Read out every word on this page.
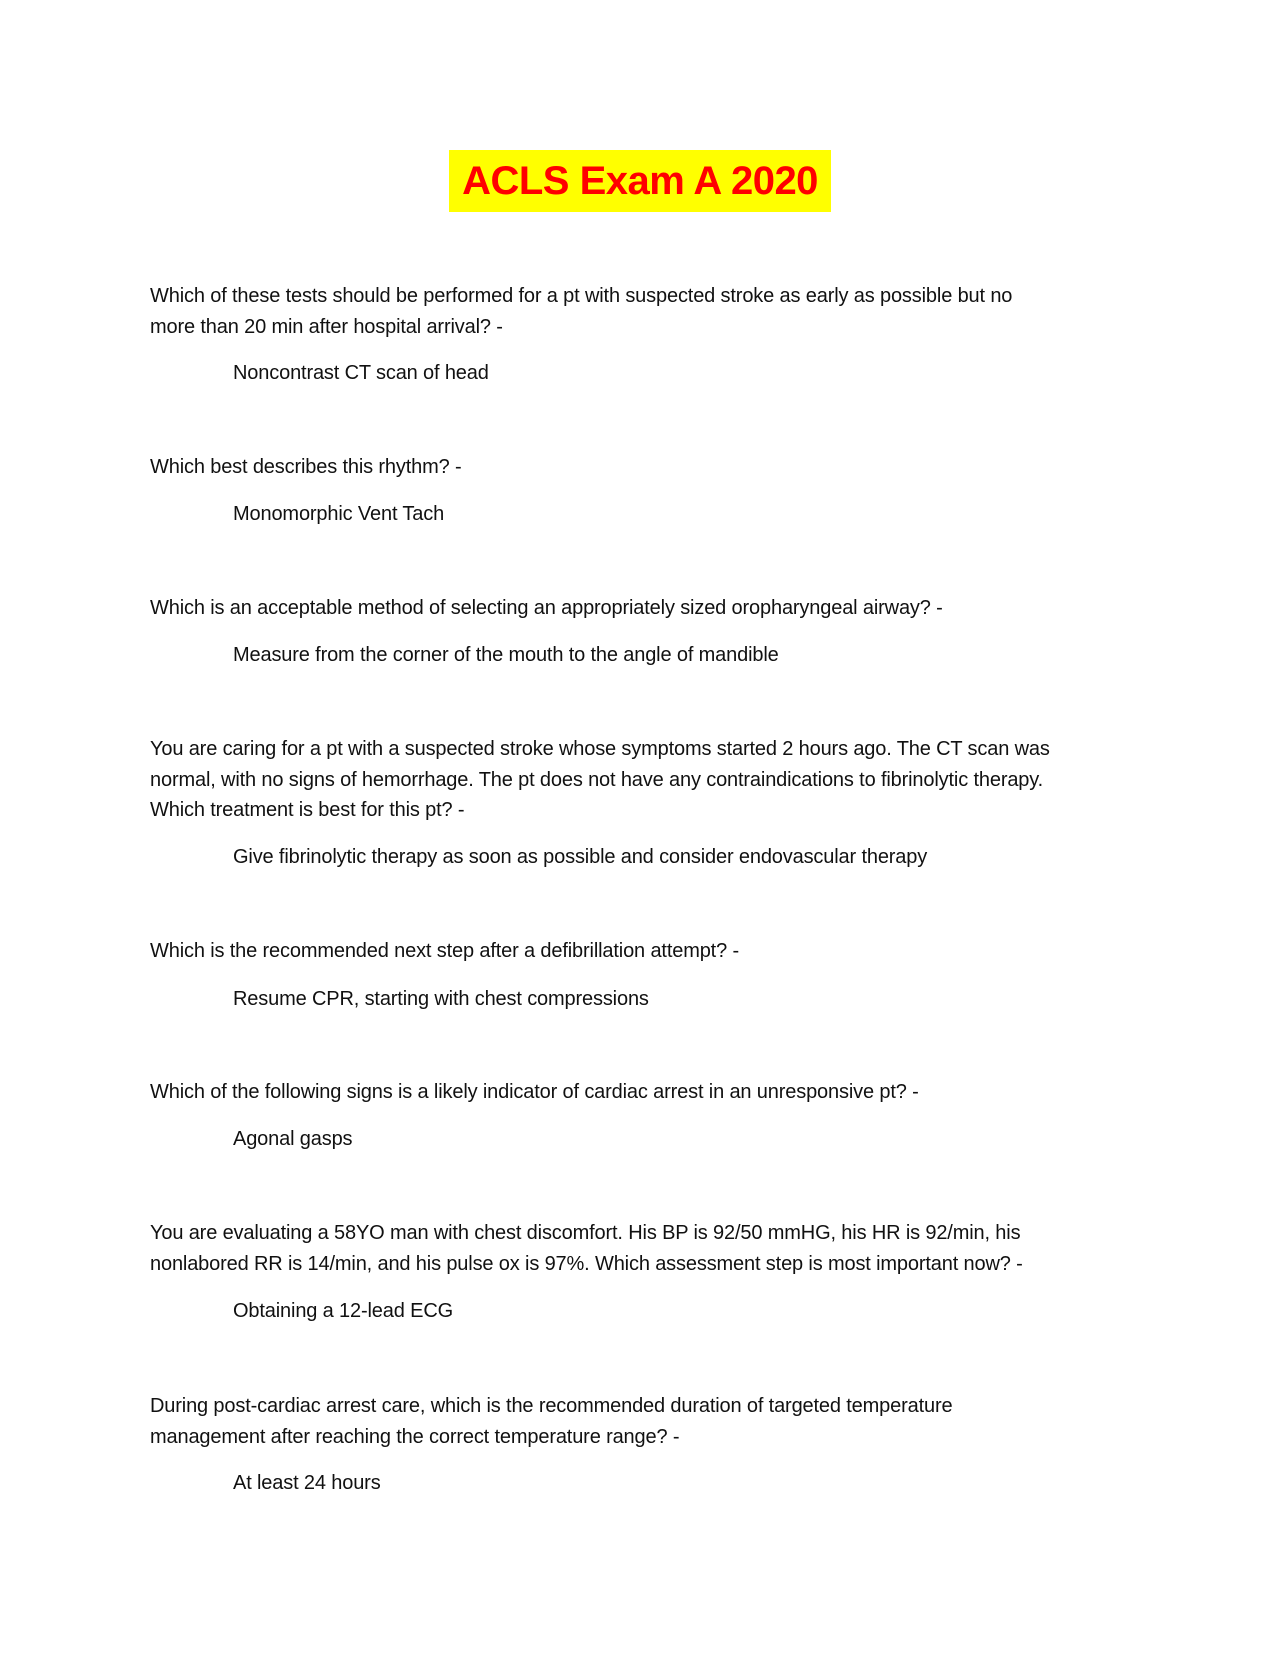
ACLS Exam A 2020
Which of these tests should be performed for a pt with suspected stroke as early as possible but no
more than 20 min after hospital arrival? -
Noncontrast CT scan of head
Which best describes this rhythm? -
Monomorphic Vent Tach
Which is an acceptable method of selecting an appropriately sized oropharyngeal airway? -
Measure from the corner of the mouth to the angle of mandible
You are caring for a pt with a suspected stroke whose symptoms started 2 hours ago. The CT scan was
normal, with no signs of hemorrhage. The pt does not have any contraindications to fibrinolytic therapy.
Which treatment is best for this pt? -
Give fibrinolytic therapy as soon as possible and consider endovascular therapy
Which is the recommended next step after a defibrillation attempt? -
Resume CPR, starting with chest compressions
Which of the following signs is a likely indicator of cardiac arrest in an unresponsive pt? -
Agonal gasps
You are evaluating a 58YO man with chest discomfort. His BP is 92/50 mmHG, his HR is 92/min, his
nonlabored RR is 14/min, and his pulse ox is 97%. Which assessment step is most important now? -
Obtaining a 12-lead ECG
During post-cardiac arrest care, which is the recommended duration of targeted temperature
management after reaching the correct temperature range? -
At least 24 hours
